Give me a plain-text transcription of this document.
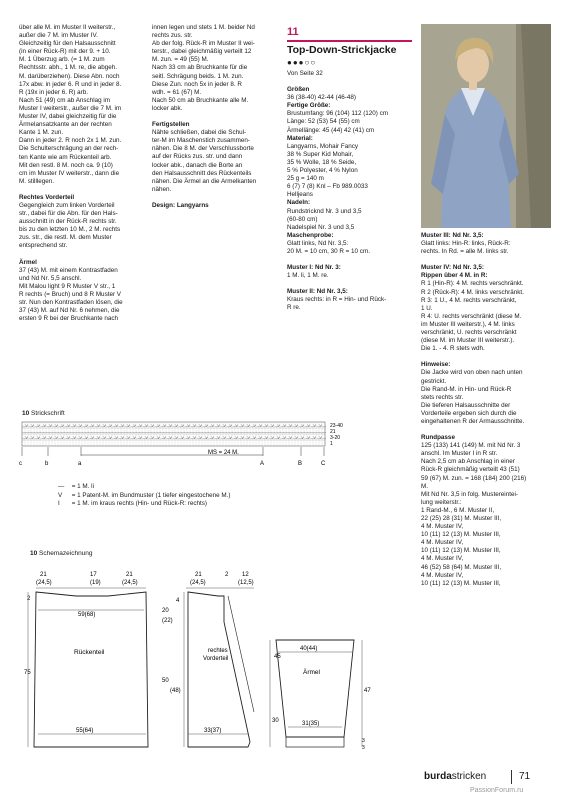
über alle M. im Muster II weiterstr.,

außer die 7 M. im Muster IV.

Gleichzeitig für den Halsausschnitt

(in einer Rück-R) mit der 9. + 10.

M. 1 Überzug arb. (= 1 M. zum

Rechtsstr. abh., 1 M. re, die abgeh.

M. darüberziehen). Diese Abn. noch

17x abw. in jeder 6. R und in jeder 8.

R (19x in jeder 6. R) arb.

Nach 51 (49) cm ab Anschlag im

Muster I weiterstr., außer die 7 M. im

Muster IV, dabei gleichzeitig für die

Ärmelansatzkante an der rechten

Kante 1 M. zun.

Dann in jeder 2. R noch 2x 1 M. zun.

Die Schulterschrägung an der rech-

ten Kante wie am Rückenteil arb.

Mit den restl. 8 M. noch ca. 9 (10)

cm im Muster IV weiterstr., dann die

M. stilllegen.

Rechtes Vorderteil

Gegengleich zum linken Vorderteil

str., dabei für die Abn. für den Hals-

ausschnitt in der Rück-R rechts str.

bis zu den letzten 10 M., 2 M. rechts

zus. str., die restl. M. dem Muster

entsprechend str.

Ärmel

37 (43) M. mit einem Kontrastfaden

und Nd Nr. 5,5 anschl.

Mit Malou light 9 R Muster V str., 1

R rechts (= Bruch) und 8 R Muster V

str. Nun den Kontrastfaden lösen, die

37 (43) M. auf Nd Nr. 6 nehmen, die

ersten 9 R bei der Bruchkante nach

innen legen und stets 1 M. beider Nd

rechts zus. str.

Ab der folg. Rück-R im Muster II wei-

terstr., dabei gleichmäßig verteilt 12

M. zun. = 49 (55) M.

Nach 33 cm ab Bruchkante für die

seitl. Schrägung beids. 1 M. zun.

Diese Zun. noch 5x in jeder 8. R

wdh. = 61 (67) M.

Nach 50 cm ab Bruchkante alle M.

locker abk.

Fertigstellen

Nähte schließen, dabei die Schul-

ter-M im Maschenstich zusammen-

nähen. Die 8 M. der Verschlussborte

auf der Rücks zus. str. und dann

locker abk., danach die Borte an

den Halsausschnitt des Rückenteils

nähen. Die Ärmel an die Armelkanten

nähen.

Design: Langyarns

11
Top-Down-Strickjacke
●●●○○

Von Seite 32

Größen

36 (38-40) 42-44 (46-48)

Fertige Größe:

Brustumfang: 96 (104) 112 (120) cm

Länge: 52 (53) 54 (55) cm

Ärmellänge: 45 (44) 42 (41) cm

Material:

Langyarns, Mohair Fancy

38 % Super Kid Mohair,

35 % Wolle, 18 % Seide,

5 % Polyester, 4 % Nylon

25 g = 140 m

6 (7) 7 (8) Knl – Fb 989.0033

Helljeans

Nadeln:

Rundstricknd Nr. 3 und 3,5

(60-80 cm)

Nadelspiel Nr. 3 und 3,5

Maschenprobe:

Glatt links, Nd Nr. 3,5:

20 M. = 10 cm, 30 R = 10 cm.

Muster I: Nd Nr. 3:

1 M. li, 1 M. re.

Muster II: Nd Nr. 3,5:

Kraus rechts: in R = Hin- und Rück-

R re.

Muster III: Nd Nr. 3,5:

Glatt links: Hin-R: links, Rück-R:

rechts. In Rd. = alle M. links str.

Muster IV: Nd Nr. 3,5:

Rippen über 4 M. in R:

R 1 (Hin-R): 4 M. rechts verschränkt.

R 2 (Rück-R): 4 M. links verschränkt.

R 3: 1 U., 4 M. rechts verschränkt,

1 U.

R 4: U. rechts verschränkt (diese M.

im Muster III weiterstr.), 4 M. links

verschränkt, U. rechts verschränkt

(diese M. im Muster III weiterstr.).

Die 1. - 4. R stets wdh.

Hinweise:

Die Jacke wird von oben nach unten

gestrickt.

Die Rand-M. in Hin- und Rück-R

stets rechts str.

Die tieferen Halsausschnitte der

Vorderteile ergeben sich durch die

eingehaltenen R der Armausschnitte.

Rundpasse

125 (133) 141 (149) M. mit Nd Nr. 3

anschl. Im Muster I in R str.

Nach 2,5 cm ab Anschlag in einer

Rück-R gleichmäßig verteilt 43 (51)

59 (67) M. zun. = 168 (184) 200 (216)

M.

Mit Nd Nr. 3,5 in folg. Mustereintei-

lung weiterstr.:

1 Rand-M., 6 M. Muster II,

22 (25) 28 (31) M. Muster III,

4 M. Muster IV,

10 (11) 12 (13) M. Muster III,

4 M. Muster IV,

10 (11) 12 (13) M. Muster III,

4 M. Muster IV,

46 (52) 58 (64) M. Muster III,

4 M. Muster IV,

10 (11) 12 (13) M. Muster III,

10 Strickschrift
— V — V — V — V — V — V — V — V — V — V — V — V — V — V — V — V — V — V — V — V — V — V — V — V — V — V — V — V — V — V — V — V — V — V — V — V — V — V — V — V — V — V — V — V — V — V — V — V — V — V —
— — — — — — — — — — — — — — — — — — — — — — — — — — — — — — — — — — — — — — — — — — — — — — — — — — — — — — — — — — — — — — — — — — — — — — — — — — — — — — — — — — — — — — — — — — — — — — — — — — — — —
— V — V — V — V — V — V — V — V — V — V — V — V — V — V — V — V — V — V — V — V — V — V — V — V — V — V — V — V — V — V — V — V — V — V — V — V — V — V — V — V — V — V — V — V — V — V — V — V — V — V —
23-40
21
3-20
1
MS = 24 M.
c	b	a	A	B	C
— = 1 M. li
V = 1 Patent-M. im Bundmuster (1 tiefer eingestochene M.)
I = 1 M. im kraus rechts (Hin- und Rück-R: rechts)
10 Schemazeichnung
21
(24,5)
17
(19)
21
(24,5)
2
59(68)
Rückenteil
55(64)
75
21
(24,5)
2 12
(12,5)
rechtes
Vorderteil
20
(22)
4
50
(48)
33(37)
45
30
40(44)
Ärmel
31(35)
47
3
3
burdastricken	71
PassionForum.ru
